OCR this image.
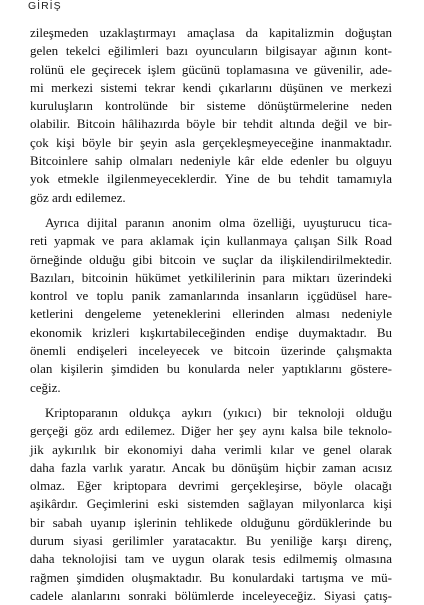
GİRİŞ
zileşmeden uzaklaştırmayı amaçlasa da kapitalizmin doğuştan
gelen tekelci eğilimleri bazı oyuncuların bilgisayar ağının kont-
rolünü ele geçirecek işlem gücünü toplamasına ve güvenilir, ade-
mi merkezi sistemi tekrar kendi çıkarlarını düşünen ve merkezi
kuruluşların kontrolünde bir sisteme dönüştürmelerine neden
olabilir. Bitcoin hâlihazırda böyle bir tehdit altında değil ve bir-
çok kişi böyle bir şeyin asla gerçekleşmeyeceğine inanmaktadır.
Bitcoinlere sahip olmaları nedeniyle kâr elde edenler bu olguyu
yok etmekle ilgilenmeyeceklerdir. Yine de bu tehdit tamamıyla
göz ardı edilemez.
Ayrıca dijital paranın anonim olma özelliği, uyuşturucu tica-
reti yapmak ve para aklamak için kullanmaya çalışan Silk Road
örneğinde olduğu gibi bitcoin ve suçlar da ilişkilendirilmektedir.
Bazıları, bitcoinin hükümet yetkililerinin para miktarı üzerindeki
kontrol ve toplu panik zamanlarında insanların içgüdüsel hare-
ketlerini dengeleme yeteneklerini ellerinden alması nedeniyle
ekonomik krizleri kışkırtabileceğinden endişe duymaktadır. Bu
önemli endişeleri inceleyecek ve bitcoin üzerinde çalışmakta
olan kişilerin şimdiden bu konularda neler yaptıklarını göstere-
ceğiz.
Kriptoparanın oldukça aykırı (yıkıcı) bir teknoloji olduğu
gerçeği göz ardı edilemez. Diğer her şey aynı kalsa bile teknolo-
jik aykırılık bir ekonomiyi daha verimli kılar ve genel olarak
daha fazla varlık yaratır. Ancak bu dönüşüm hiçbir zaman acısız
olmaz. Eğer kriptopara devrimi gerçekleşirse, böyle olacağı
aşikârdır. Geçimlerini eski sistemden sağlayan milyonlarca kişi
bir sabah uyanıp işlerinin tehlikede olduğunu gördüklerinde bu
durum siyasi gerilimler yaratacaktır. Bu yeniliğe karşı direnç,
daha teknolojisi tam ve uygun olarak tesis edilmemiş olmasına
rağmen şimdiden oluşmaktadır. Bu konulardaki tartışma ve mü-
cadele alanlarını sonraki bölümlerde inceleyeceğiz. Siyasi çatış-
